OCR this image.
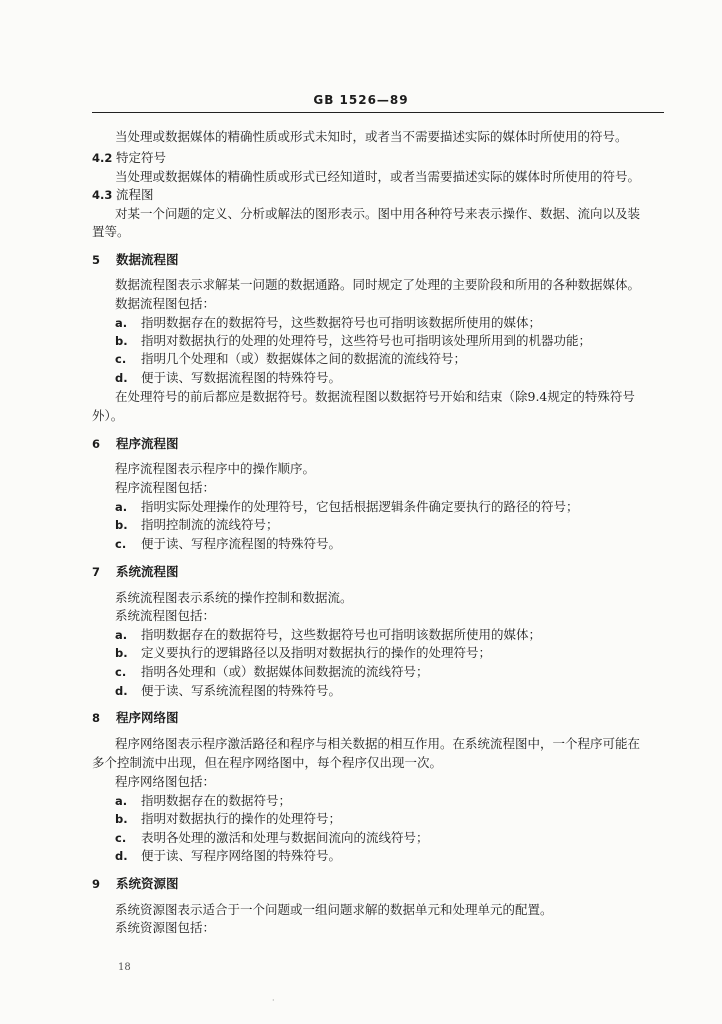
GB 1526—89
当处理或数据媒体的精确性质或形式未知时，或者当不需要描述实际的媒体时所使用的符号。
4.2 特定符号
当处理或数据媒体的精确性质或形式已经知道时，或者当需要描述实际的媒体时所使用的符号。
4.3 流程图
对某一个问题的定义、分析或解法的图形表示。图中用各种符号来表示操作、数据、流向以及装
置等。
5 数据流程图
数据流程图表示求解某一问题的数据通路。同时规定了处理的主要阶段和所用的各种数据媒体。
数据流程图包括：
a.	指明数据存在的数据符号，这些数据符号也可指明该数据所使用的媒体；
b.	指明对数据执行的处理的处理符号，这些符号也可指明该处理所用到的机器功能；
c.	指明几个处理和（或）数据媒体之间的数据流的流线符号；
d.	便于读、写数据流程图的特殊符号。
在处理符号的前后都应是数据符号。数据流程图以数据符号开始和结束（除9.4规定的特殊符号
外）。
6 程序流程图
程序流程图表示程序中的操作顺序。
程序流程图包括：
a.	指明实际处理操作的处理符号，它包括根据逻辑条件确定要执行的路径的符号；
b.	指明控制流的流线符号；
c.	便于读、写程序流程图的特殊符号。
7 系统流程图
系统流程图表示系统的操作控制和数据流。
系统流程图包括：
a.	指明数据存在的数据符号，这些数据符号也可指明该数据所使用的媒体；
b.	定义要执行的逻辑路径以及指明对数据执行的操作的处理符号；
c.	指明各处理和（或）数据媒体间数据流的流线符号；
d.	便于读、写系统流程图的特殊符号。
8 程序网络图
程序网络图表示程序激活路径和程序与相关数据的相互作用。在系统流程图中，一个程序可能在
多个控制流中出现，但在程序网络图中，每个程序仅出现一次。
程序网络图包括：
a.	指明数据存在的数据符号；
b.	指明对数据执行的操作的处理符号；
c.	表明各处理的激活和处理与数据间流向的流线符号；
d.	便于读、写程序网络图的特殊符号。
9 系统资源图
系统资源图表示适合于一个问题或一组问题求解的数据单元和处理单元的配置。
系统资源图包括：
18
·
